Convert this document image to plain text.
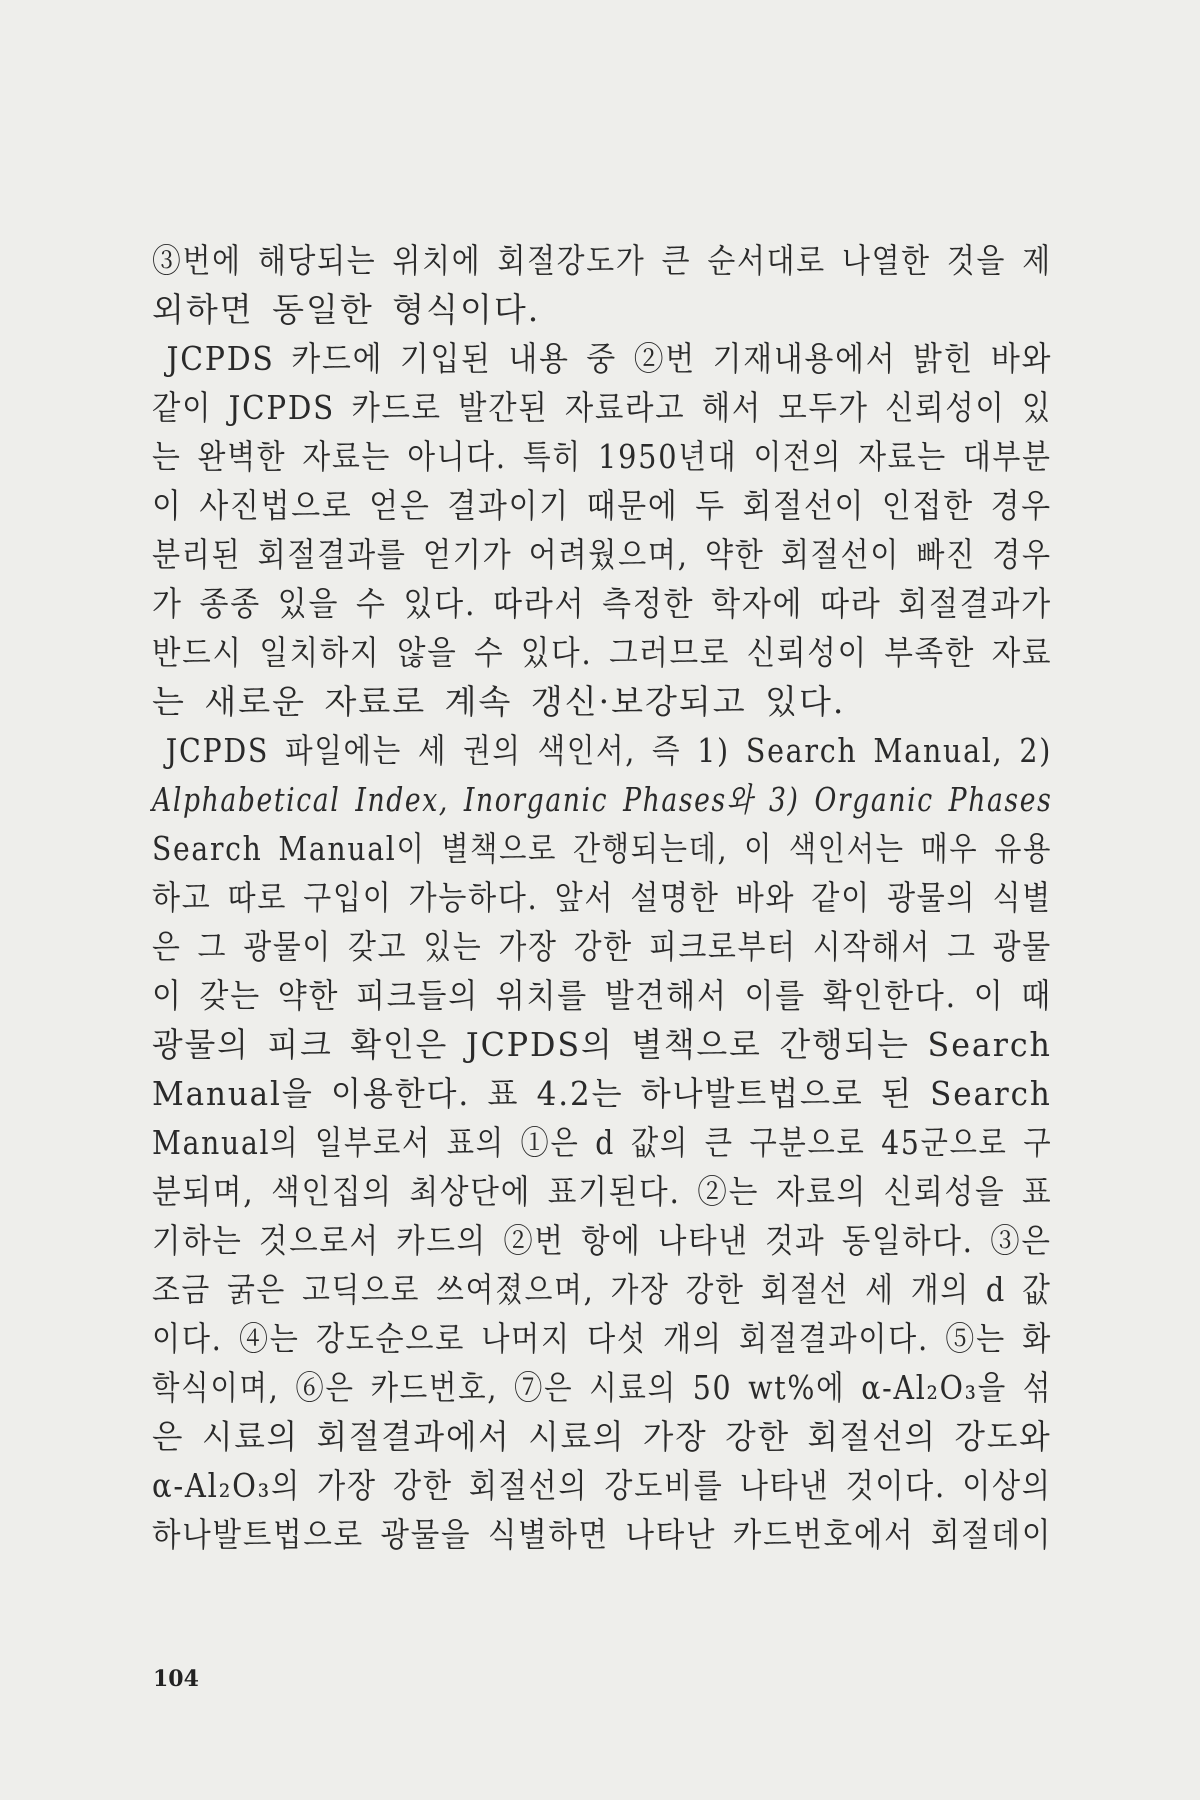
③번에 해당되는 위치에 회절강도가 큰 순서대로 나열한 것을 제
외하면 동일한 형식이다.
JCPDS 카드에 기입된 내용 중 ②번 기재내용에서 밝힌 바와
같이 JCPDS 카드로 발간된 자료라고 해서 모두가 신뢰성이 있
는 완벽한 자료는 아니다. 특히 1950년대 이전의 자료는 대부분
이 사진법으로 얻은 결과이기 때문에 두 회절선이 인접한 경우
분리된 회절결과를 얻기가 어려웠으며, 약한 회절선이 빠진 경우
가 종종 있을 수 있다. 따라서 측정한 학자에 따라 회절결과가
반드시 일치하지 않을 수 있다. 그러므로 신뢰성이 부족한 자료
는 새로운 자료로 계속 갱신·보강되고 있다.
JCPDS 파일에는 세 권의 색인서, 즉 1) Search Manual, 2)
Alphabetical Index, Inorganic Phases와 3) Organic Phases
Search Manual이 별책으로 간행되는데, 이 색인서는 매우 유용
하고 따로 구입이 가능하다. 앞서 설명한 바와 같이 광물의 식별
은 그 광물이 갖고 있는 가장 강한 피크로부터 시작해서 그 광물
이 갖는 약한 피크들의 위치를 발견해서 이를 확인한다. 이 때
광물의 피크 확인은 JCPDS의 별책으로 간행되는 Search
Manual을 이용한다. 표 4.2는 하나발트법으로 된 Search
Manual의 일부로서 표의 ①은 d 값의 큰 구분으로 45군으로 구
분되며, 색인집의 최상단에 표기된다. ②는 자료의 신뢰성을 표
기하는 것으로서 카드의 ②번 항에 나타낸 것과 동일하다. ③은
조금 굵은 고딕으로 쓰여졌으며, 가장 강한 회절선 세 개의 d 값
이다. ④는 강도순으로 나머지 다섯 개의 회절결과이다. ⑤는 화
학식이며, ⑥은 카드번호, ⑦은 시료의 50 wt%에 α-Al₂O₃을 섞
은 시료의 회절결과에서 시료의 가장 강한 회절선의 강도와
α-Al₂O₃의 가장 강한 회절선의 강도비를 나타낸 것이다. 이상의
하나발트법으로 광물을 식별하면 나타난 카드번호에서 회절데이
104
